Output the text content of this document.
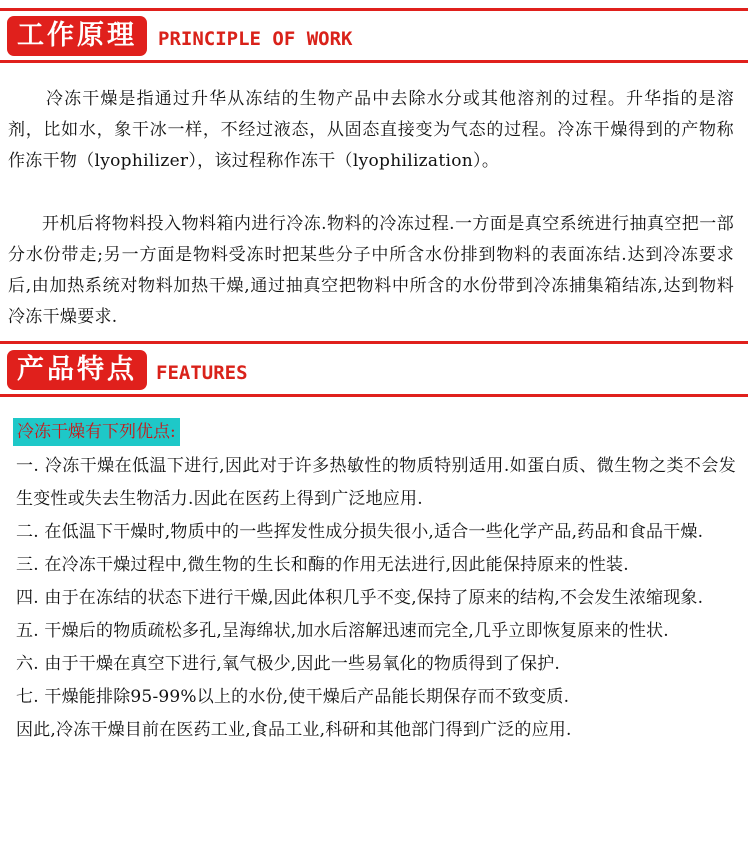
工作原理	PRINCIPLE OF WORK

冷冻干燥是指通过升华从冻结的生物产品中去除水分或其他溶剂的过程。升华指的是溶剂，比如水，象干冰一样，不经过液态，从固态直接变为气态的过程。冷冻干燥得到的产物称作冻干物（lyophilizer），该过程称作冻干（lyophilization）。

开机后将物料投入物料箱内进行冷冻.物料的冷冻过程.一方面是真空系统进行抽真空把一部分水份带走;另一方面是物料受冻时把某些分子中所含水份排到物料的表面冻结.达到冷冻要求后,由加热系统对物料加热干燥,通过抽真空把物料中所含的水份带到冷冻捕集箱结冻,达到物料冷冻干燥要求.

产品特点	FEATURES
冷冻干燥有下列优点:
一. 冷冻干燥在低温下进行,因此对于许多热敏性的物质特别适用.如蛋白质、微生物之类不会发生变性或失去生物活力.因此在医药上得到广泛地应用.
二. 在低温下干燥时,物质中的一些挥发性成分损失很小,适合一些化学产品,药品和食品干燥.
三. 在冷冻干燥过程中,微生物的生长和酶的作用无法进行,因此能保持原来的性装.
四. 由于在冻结的状态下进行干燥,因此体积几乎不变,保持了原来的结构,不会发生浓缩现象.
五. 干燥后的物质疏松多孔,呈海绵状,加水后溶解迅速而完全,几乎立即恢复原来的性状.
六. 由于干燥在真空下进行,氧气极少,因此一些易氧化的物质得到了保护.
七. 干燥能排除95-99%以上的水份,使干燥后产品能长期保存而不致变质.
因此,冷冻干燥目前在医药工业,食品工业,科研和其他部门得到广泛的应用.
